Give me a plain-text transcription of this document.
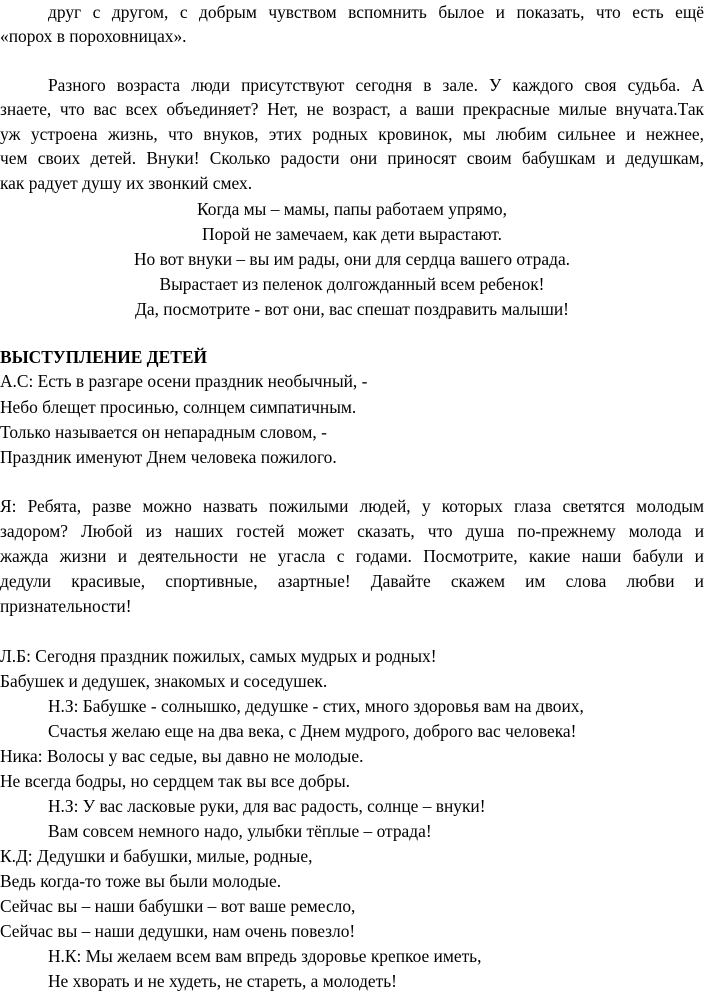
друг с другом, с добрым чувством вспомнить былое и показать, что есть ещё

«порох в пороховницах».

Разного возраста люди присутствуют сегодня в зале. У каждого своя судьба. А

знаете, что вас всех объединяет? Нет, не возраст, а ваши прекрасные милые внучата.Так

уж устроена жизнь, что внуков, этих родных кровинок, мы любим сильнее и нежнее,

чем своих детей. Внуки! Сколько радости они приносят своим бабушкам и дедушкам,

как радует душу их звонкий смех.

Когда мы – мамы, папы работаем упрямо,

Порой не замечаем, как дети вырастают.

Но вот внуки – вы им рады, они для сердца вашего отрада.

Вырастает из пеленок долгожданный всем ребенок!

Да, посмотрите - вот они, вас спешат поздравить малыши!

ВЫСТУПЛЕНИЕ ДЕТЕЙ

А.С: Есть в разгаре осени праздник необычный, -

Небо блещет просинью, солнцем симпатичным.

Только называется он непарадным словом, -

Праздник именуют Днем человека пожилого.

Я: Ребята, разве можно назвать пожилыми людей, у которых глаза светятся молодым

задором? Любой из наших гостей может сказать, что душа по-прежнему молода и

жажда жизни и деятельности не угасла с годами. Посмотрите, какие наши бабули и

дедули красивые, спортивные, азартные! Давайте скажем им слова любви и

признательности!

Л.Б: Сегодня праздник пожилых, самых мудрых и родных!

Бабушек и дедушек, знакомых и соседушек.

Н.З: Бабушке - солнышко, дедушке - стих, много здоровья вам на двоих,

Счастья желаю еще на два века, с Днем мудрого, доброго вас человека!

Ника: Волосы у вас седые, вы давно не молодые.

Не всегда бодры, но сердцем так вы все добры.

Н.З: У вас ласковые руки, для вас радость, солнце – внуки!

Вам совсем немного надо, улыбки тёплые – отрада!

К.Д: Дедушки и бабушки, милые, родные,

Ведь когда-то тоже вы были молодые.

Сейчас вы – наши бабушки – вот ваше ремесло,

Сейчас вы – наши дедушки, нам очень повезло!

Н.К: Мы желаем всем вам впредь здоровье крепкое иметь,

Не хворать и не худеть, не стареть, а молодеть!
